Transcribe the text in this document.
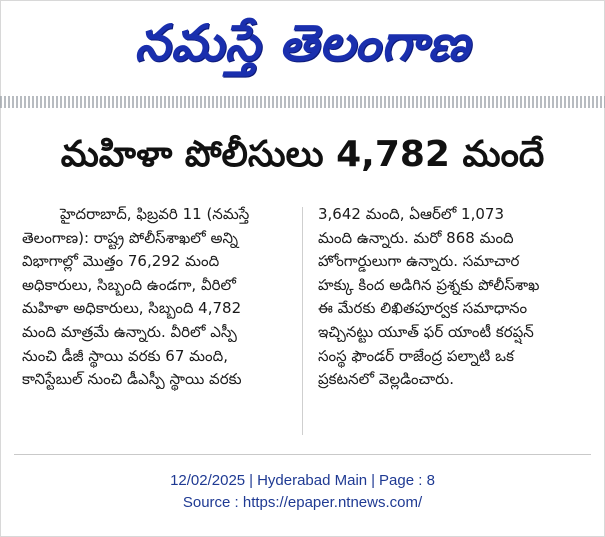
నమస్తే తెలంగాణ
మహిళా పోలీసులు 4,782 మందే
హైదరాబాద్, ఫిబ్రవరి 11 (నమస్తే
తెలంగాణ): రాష్ట్ర పోలీస్‌శాఖలో అన్ని
విభాగాల్లో మొత్తం 76,292 మంది
అధికారులు, సిబ్బంది ఉండగా, వీరిలో
మహిళా అధికారులు, సిబ్బంది 4,782
మంది మాత్రమే ఉన్నారు. వీరిలో ఎస్పీ
నుంచి డీజీ స్థాయి వరకు 67 మంది,
కానిస్టేబుల్ నుంచి డీఎస్పీ స్థాయి వరకు
3,642 మంది, ఏఆర్‌లో 1,073
మంది ఉన్నారు. మరో 868 మంది
హోంగార్డులుగా ఉన్నారు. సమాచార
హక్కు కింద అడిగిన ప్రశ్నకు పోలీస్‌శాఖ
ఈ మేరకు లిఖితపూర్వక సమాధానం
ఇచ్చినట్టు యూత్ ఫర్ యాంటీ కరప్షన్
సంస్థ ఫౌండర్ రాజేంద్ర పల్నాటి ఒక
ప్రకటనలో వెల్లడించారు.
12/02/2025 | Hyderabad Main | Page : 8
Source : https://epaper.ntnews.com/
